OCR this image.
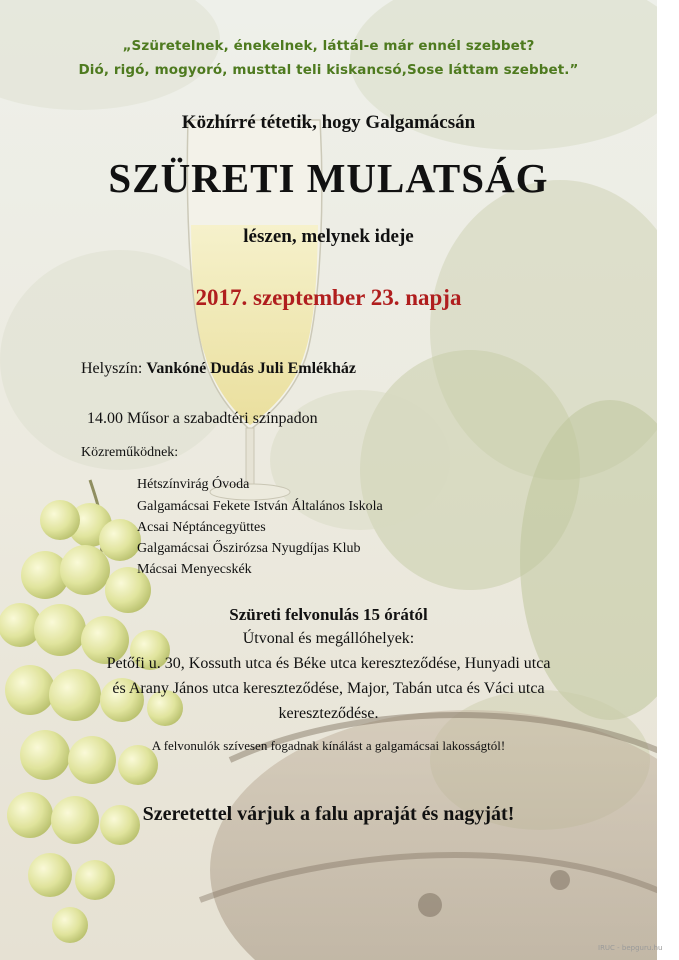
„Szüretelnek, énekelnek, láttál-e már ennél szebbet?
Dió, rigó, mogyoró, musttal teli kiskancsó,Sose láttam szebbet.”
Közhírré tétetik, hogy Galgamácsán
SZÜRETI MULATSÁG
lészen, melynek ideje
2017. szeptember 23. napja
Helyszín: Vankóné Dudás Juli Emlékház
14.00 Műsor a szabadtéri színpadon
Közreműködnek:
Hétszínvirág Óvoda
Galgamácsai Fekete István Általános Iskola
Acsai Néptáncegyüttes
Galgamácsai Őszirózsa Nyugdíjas Klub
Mácsai Menyecskék
Szüreti felvonulás 15 órától
Útvonal és megállóhelyek:
Petőfi u. 30, Kossuth utca és Béke utca kereszteződése, Hunyadi utca
és Arany János utca kereszteződése, Major, Tabán utca és Váci utca
kereszteződése.
A felvonulók szívesen fogadnak kínálást a galgamácsai lakosságtól!
Szeretettel várjuk a falu apraját és nagyját!
IRUC - bepguru.hu
